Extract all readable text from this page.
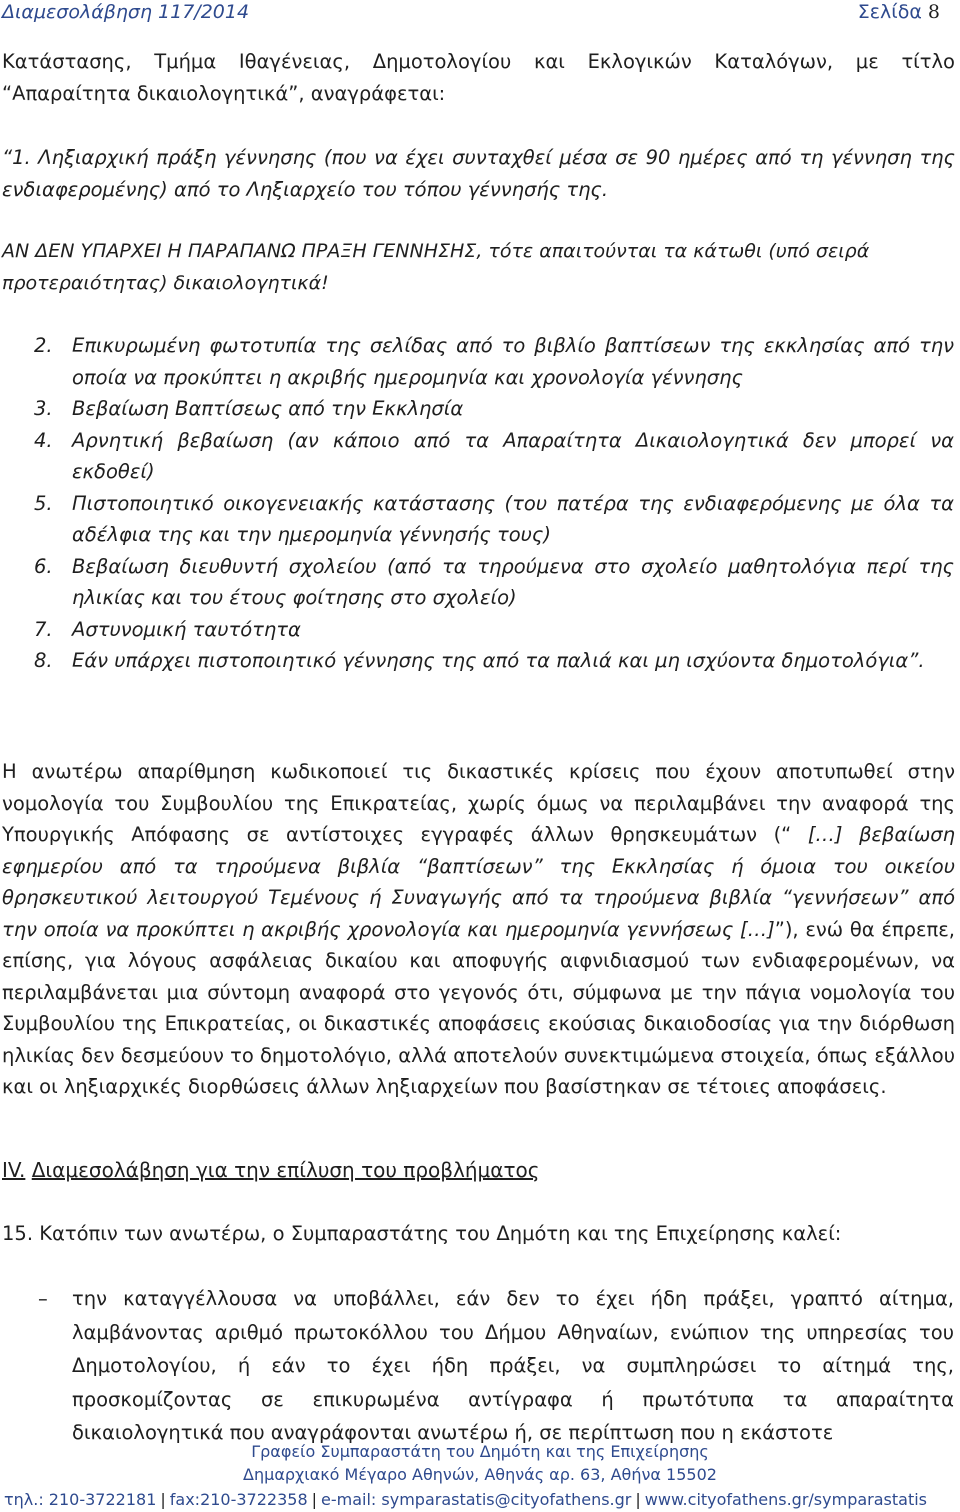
Διαμεσολάβηση 117/2014	Σελίδα 8
Κατάστασης, Τμήμα Ιθαγένειας, Δημοτολογίου και Εκλογικών Καταλόγων, με τίτλο “Απαραίτητα δικαιολογητικά”, αναγράφεται:
“1. Ληξιαρχική πράξη γέννησης (που να έχει συνταχθεί μέσα σε 90 ημέρες από τη γέννηση της ενδιαφερομένης) από το Ληξιαρχείο του τόπου γέννησής της.
ΑΝ ΔΕΝ ΥΠΑΡΧΕΙ Η ΠΑΡΑΠΑΝΩ ΠΡΑΞΗ ΓΕΝΝΗΣΗΣ, τότε απαιτούνται τα κάτωθι (υπό σειρά προτεραιότητας) δικαιολογητικά!
2. Επικυρωμένη φωτοτυπία της σελίδας από το βιβλίο βαπτίσεων της εκκλησίας από την οποία να προκύπτει η ακριβής ημερομηνία και χρονολογία γέννησης
3. Βεβαίωση Βαπτίσεως από την Εκκλησία
4. Αρνητική βεβαίωση (αν κάποιο από τα Απαραίτητα Δικαιολογητικά δεν μπορεί να εκδοθεί)
5. Πιστοποιητικό οικογενειακής κατάστασης (του πατέρα της ενδιαφερόμενης με όλα τα αδέλφια της και την ημερομηνία γέννησής τους)
6. Βεβαίωση διευθυντή σχολείου (από τα τηρούμενα στο σχολείο μαθητολόγια περί της ηλικίας και του έτους φοίτησης στο σχολείο)
7. Αστυνομική ταυτότητα
8. Εάν υπάρχει πιστοποιητικό γέννησης της από τα παλιά και μη ισχύοντα δημοτολόγια”.
Η ανωτέρω απαρίθμηση κωδικοποιεί τις δικαστικές κρίσεις που έχουν αποτυπωθεί στην νομολογία του Συμβουλίου της Επικρατείας, χωρίς όμως να περιλαμβάνει την αναφορά της Υπουργικής Απόφασης σε αντίστοιχες εγγραφές άλλων θρησκευμάτων (“ […] βεβαίωση εφημερίου από τα τηρούμενα βιβλία “βαπτίσεων” της Εκκλησίας ή όμοια του οικείου θρησκευτικού λειτουργού Τεμένους ή Συναγωγής από τα τηρούμενα βιβλία “γεννήσεων” από την οποία να προκύπτει η ακριβής χρονολογία και ημερομηνία γεννήσεως […]”), ενώ θα έπρεπε, επίσης, για λόγους ασφάλειας δικαίου και αποφυγής αιφνιδιασμού των ενδιαφερομένων, να περιλαμβάνεται μια σύντομη αναφορά στο γεγονός ότι, σύμφωνα με την πάγια νομολογία του Συμβουλίου της Επικρατείας, οι δικαστικές αποφάσεις εκούσιας δικαιοδοσίας για την διόρθωση ηλικίας δεν δεσμεύουν το δημοτολόγιο, αλλά αποτελούν συνεκτιμώμενα στοιχεία, όπως εξάλλου και οι ληξιαρχικές διορθώσεις άλλων ληξιαρχείων που βασίστηκαν σε τέτοιες αποφάσεις.
IV. Διαμεσολάβηση για την επίλυση του προβλήματος
15. Κατόπιν των ανωτέρω, ο Συμπαραστάτης του Δημότη και της Επιχείρησης καλεί:
–	την καταγγέλλουσα να υποβάλλει, εάν δεν το έχει ήδη πράξει, γραπτό αίτημα, λαμβάνοντας αριθμό πρωτοκόλλου του Δήμου Αθηναίων, ενώπιον της υπηρεσίας του Δημοτολογίου, ή εάν το έχει ήδη πράξει, να συμπληρώσει το αίτημά της, προσκομίζοντας σε επικυρωμένα αντίγραφα ή πρωτότυπα τα απαραίτητα δικαιολογητικά που αναγράφονται ανωτέρω ή, σε περίπτωση που η εκάστοτε
Γραφείο Συμπαραστάτη του Δημότη και της Επιχείρησης
Δημαρχιακό Μέγαρο Αθηνών, Αθηνάς αρ. 63, Αθήνα 15502
τηλ.: 210-3722181 | fax:210-3722358 | e-mail: symparastatis@cityofathens.gr | www.cityofathens.gr/symparastatis
